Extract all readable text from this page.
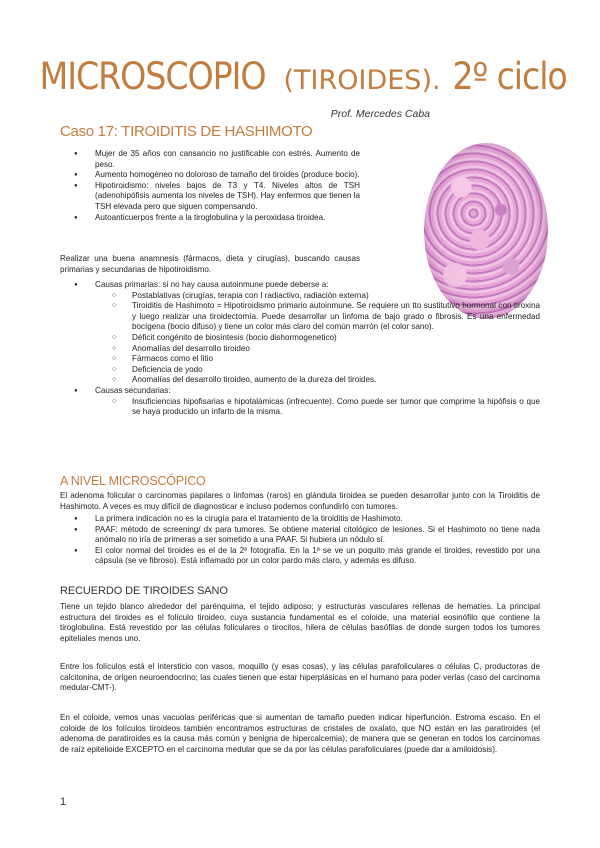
MICROSCOPIO (TIROIDES). 2º ciclo
Prof. Mercedes Caba
Caso 17: TIROIDITIS DE HASHIMOTO
● Mujer de 35 años con cansancio no justificable con estrés. Aumento de peso.
● Aumento homogéneo no doloroso de tamaño del tiroides (produce bocio).
● Hipotiroidismo: niveles bajos de T3 y T4. Niveles altos de TSH (adenohipófisis aumenta los niveles de TSH). Hay enfermos que tienen la TSH elevada pero que siguen compensando.
● Autoanticuerpos frente a la tiroglobulina y la peroxidasa tiroidea.
Realizar una buena anamnesis (fármacos, dieta y cirugías), buscando causas primarias y secundarias de hipotiroidismo.
● Causas primarias: si no hay causa autoinmune puede deberse a:
○ Postablativas (cirugías, terapia con I radiactivo, radiación externa)
○ Tiroiditis de Hashimoto = Hipotiroidismo primario autoinmune. Se requiere un tto sustitutivo hormonal con tiroxina y luego realizar una tiroidectomía. Puede desarrollar un linfoma de bajo grado o fibrosis. Es una enfermedad bocígena (bocio difuso) y tiene un color más claro del común marrón (el color sano).
○ Déficit congénito de biosíntesis (bocio dishormogenetico)
○ Anomalías del desarrollo tiroideo
○ Fármacos como el litio
○ Deficiencia de yodo
○ Anomalías del desarrollo tiroideo, aumento de la dureza del tiroides.
● Causas secundarias:
○ Insuficiencias hipofisarias e hipotalámicas (infrecuente). Como puede ser tumor que comprime la hipófisis o que se haya producido un infarto de la misma.
A NIVEL MICROSCÓPICO
El adenoma folicular o carcinomas papilares o linfomas (raros) en glándula tiroidea se pueden desarrollar junto con la Tiroiditis de Hashimoto. A veces es muy difícil de diagnosticar e incluso podemos confundirlo con tumores.
● La primera indicación no es la cirugía para el tratamiento de la tiroiditis de Hashimoto.
● PAAF: método de screening/ dx para tumores. Se obtiene material citológico de lesiones. Si el Hashimoto no tiene nada anómalo no iría de primeras a ser sometido a una PAAF. Si hubiera un nódulo sí.
● El color normal del tiroides es el de la 2ª fotografía. En la 1ª se ve un poquito más grande el tiroides, revestido por una cápsula (se ve fibroso). Está inflamado por un color pardo más claro, y además es difuso.
RECUERDO DE TIROIDES SANO
Tiene un tejido blanco alrededor del parénquima, el tejido adiposo; y estructuras vasculares rellenas de hematíes. La principal estructura del tiroides es el folículo tiroideo, cuya sustancia fundamental es el coloide, una material eosinófilo que contiene la tiroglobulina. Está revestido por las células foliculares o tirocitos, hilera de células basófilas de donde surgen todos los tumores epiteliales menos uno.
Entre los folículos está el intersticio con vasos, moquillo (y esas cosas), y las células parafoliculares o células C, productoras de calcitonina, de origen neuroendocrino; las cuales tienen que estar hiperplásicas en el humano para poder verlas (caso del carcinoma medular-CMT-).
En el coloide, vemos unas vacuolas periféricas que si aumentan de tamaño pueden indicar hiperfunción. Estroma escaso. En el coloide de los folículos tiroideos también encontramos estructuras de cristales de oxalato, que NO están en las paratiroides (el adenoma de paratiroides es la causa más común y benigna de hipercalcemia); de manera que se generan en todos los carcinomas de raíz epitelioide EXCEPTO en el carcinoma medular que se da por las células parafoliculares (puede dar a amiloidosis).
1
